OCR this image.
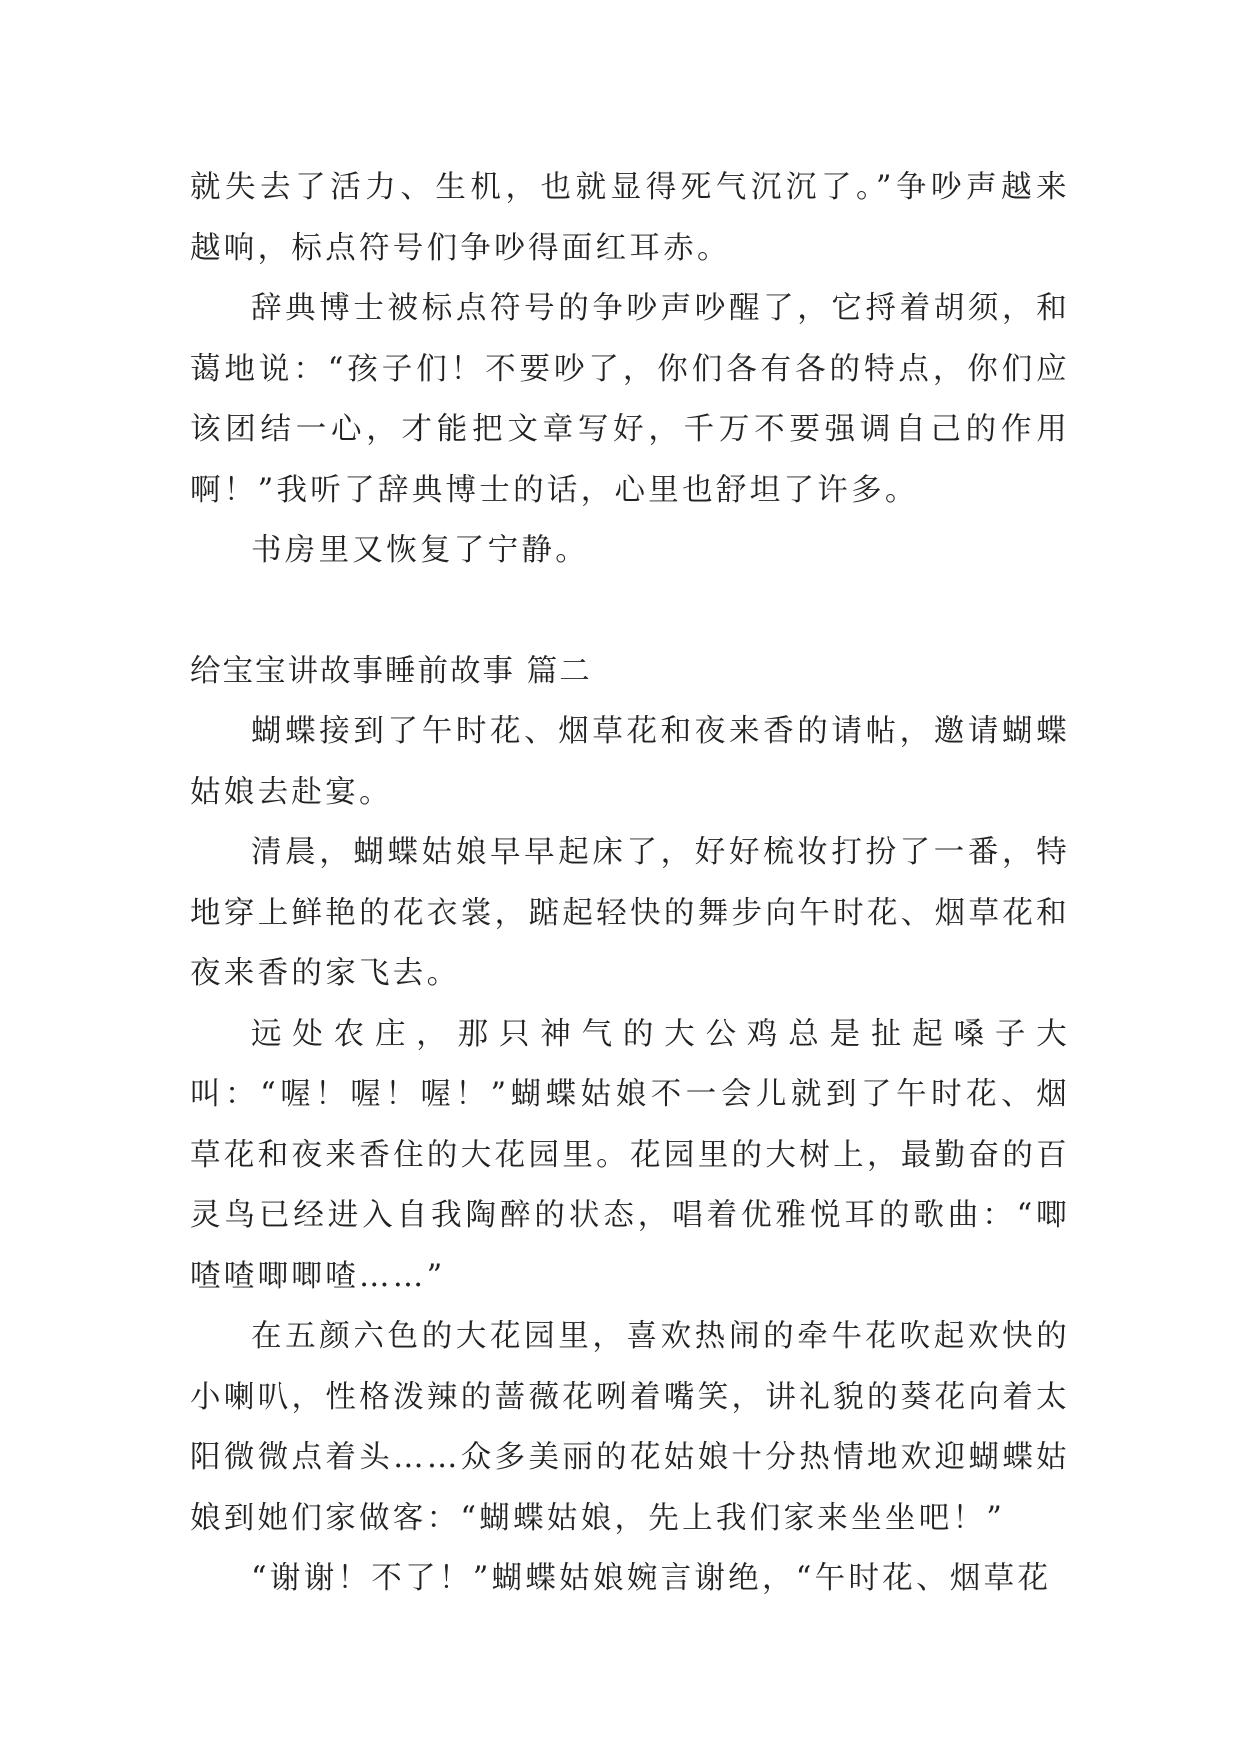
就失去了活力、生机，也就显得死气沉沉了。”争吵声越来越响，标点符号们争吵得面红耳赤。

辞典博士被标点符号的争吵声吵醒了，它捋着胡须，和蔼地说：“孩子们！不要吵了，你们各有各的特点，你们应该团结一心，才能把文章写好，千万不要强调自己的作用啊！”我听了辞典博士的话，心里也舒坦了许多。

书房里又恢复了宁静。

给宝宝讲故事睡前故事 篇二

蝴蝶接到了午时花、烟草花和夜来香的请帖，邀请蝴蝶姑娘去赴宴。

清晨，蝴蝶姑娘早早起床了，好好梳妆打扮了一番，特地穿上鲜艳的花衣裳，踮起轻快的舞步向午时花、烟草花和夜来香的家飞去。

远处农庄，那只神气的大公鸡总是扯起嗓子大叫：“喔！喔！喔！”蝴蝶姑娘不一会儿就到了午时花、烟草花和夜来香住的大花园里。花园里的大树上，最勤奋的百灵鸟已经进入自我陶醉的状态，唱着优雅悦耳的歌曲：“唧喳喳唧唧喳……”

在五颜六色的大花园里，喜欢热闹的牵牛花吹起欢快的小喇叭，性格泼辣的蔷薇花咧着嘴笑，讲礼貌的葵花向着太阳微微点着头……众多美丽的花姑娘十分热情地欢迎蝴蝶姑娘到她们家做客：“蝴蝶姑娘，先上我们家来坐坐吧！”

“谢谢！不了！”蝴蝶姑娘婉言谢绝，“午时花、烟草花
